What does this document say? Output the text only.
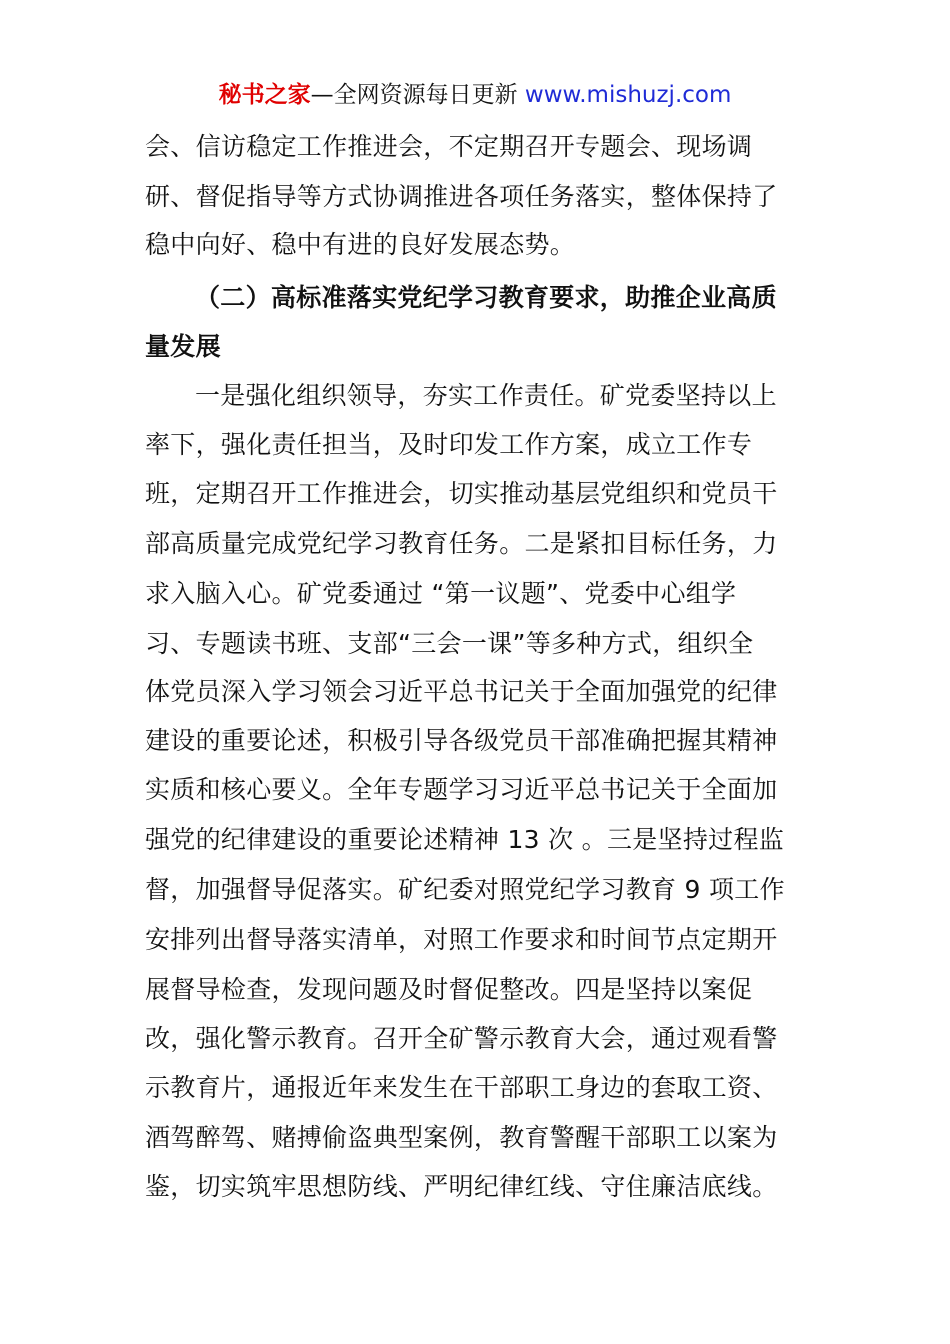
秘书之家—全网资源每日更新 www.mishuzj.com
会、信访稳定工作推进会，不定期召开专题会、现场调
研、督促指导等方式协调推进各项任务落实，整体保持了
稳中向好、稳中有进的良好发展态势。
（二）高标准落实党纪学习教育要求，助推企业高质
量发展
一是强化组织领导，夯实工作责任。矿党委坚持以上
率下，强化责任担当，及时印发工作方案，成立工作专
班，定期召开工作推进会，切实推动基层党组织和党员干
部高质量完成党纪学习教育任务。二是紧扣目标任务，力
求入脑入心。矿党委通过 “第一议题”、党委中心组学
习、专题读书班、支部“三会一课”等多种方式，组织全
体党员深入学习领会习近平总书记关于全面加强党的纪律
建设的重要论述，积极引导各级党员干部准确把握其精神
实质和核心要义。全年专题学习习近平总书记关于全面加
强党的纪律建设的重要论述精神 13 次 。三是坚持过程监
督，加强督导促落实。矿纪委对照党纪学习教育 9 项工作
安排列出督导落实清单，对照工作要求和时间节点定期开
展督导检查，发现问题及时督促整改。四是坚持以案促
改，强化警示教育。召开全矿警示教育大会，通过观看警
示教育片，通报近年来发生在干部职工身边的套取工资、
酒驾醉驾、赌搏偷盗典型案例，教育警醒干部职工以案为
鉴，切实筑牢思想防线、严明纪律红线、守住廉洁底线。
